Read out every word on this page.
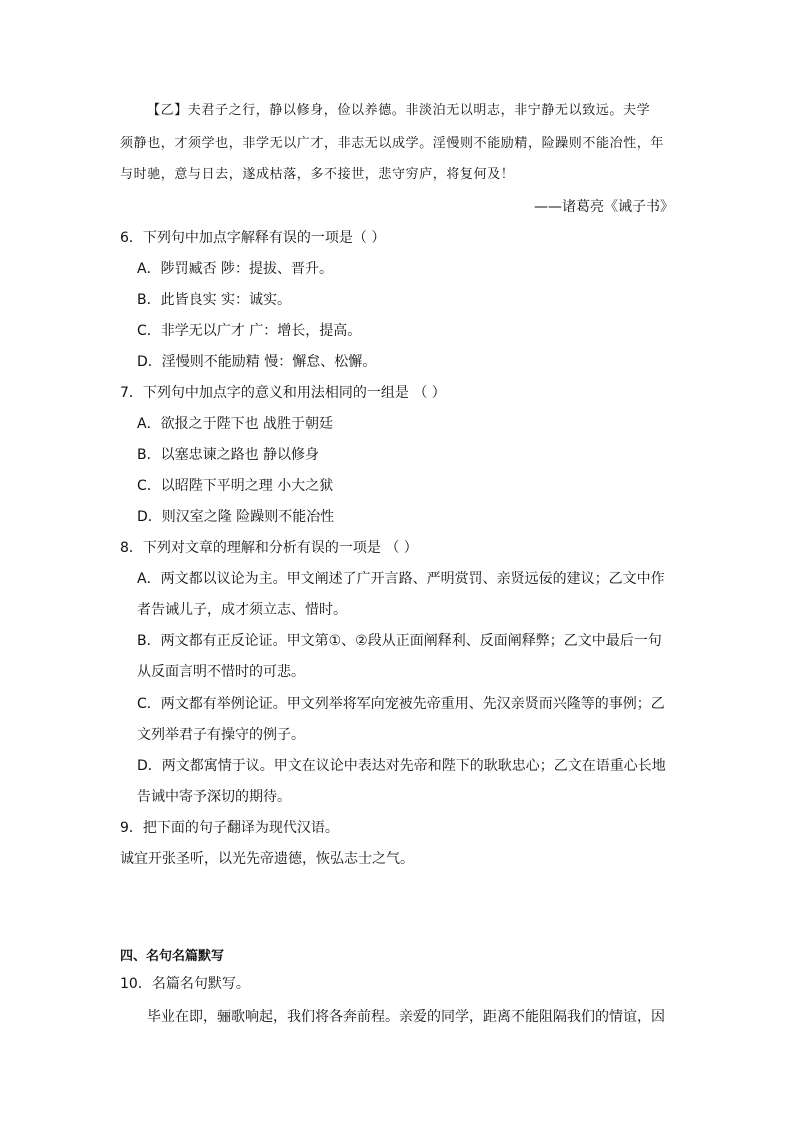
【乙】夫君子之行，静以修身，俭以养德。非淡泊无以明志，非宁静无以致远。夫学
须静也，才须学也，非学无以广才，非志无以成学。淫慢则不能励精，险躁则不能冶性，年
与时驰，意与日去，遂成枯落，多不接世，悲守穷庐，将复何及！
——诸葛亮《诫子书》
6．下列句中加点字解释有误的一项是（ ）
A．陟罚臧否 陟：提拔、晋升。
B．此皆良实 实：诚实。
C．非学无以广才 广：增长，提高。
D．淫慢则不能励精 慢：懈怠、松懈。
7．下列句中加点字的意义和用法相同的一组是 （ ）
A．欲报之于陛下也 战胜于朝廷
B．以塞忠谏之路也 静以修身
C．以昭陛下平明之理 小大之狱
D．则汉室之隆 险躁则不能冶性
8．下列对文章的理解和分析有误的一项是 （ ）
A．两文都以议论为主。甲文阐述了广开言路、严明赏罚、亲贤远佞的建议；乙文中作
者告诫儿子，成才须立志、惜时。
B．两文都有正反论证。甲文第①、②段从正面阐释利、反面阐释弊；乙文中最后一句
从反面言明不惜时的可悲。
C．两文都有举例论证。甲文列举将军向宠被先帝重用、先汉亲贤而兴隆等的事例；乙
文列举君子有操守的例子。
D．两文都寓情于议。甲文在议论中表达对先帝和陛下的耿耿忠心；乙文在语重心长地
告诫中寄予深切的期待。
9．把下面的句子翻译为现代汉语。
诚宜开张圣听，以光先帝遗德，恢弘志士之气。
四、名句名篇默写
10．名篇名句默写。
毕业在即，骊歌响起，我们将各奔前程。亲爱的同学，距离不能阻隔我们的情谊，因
